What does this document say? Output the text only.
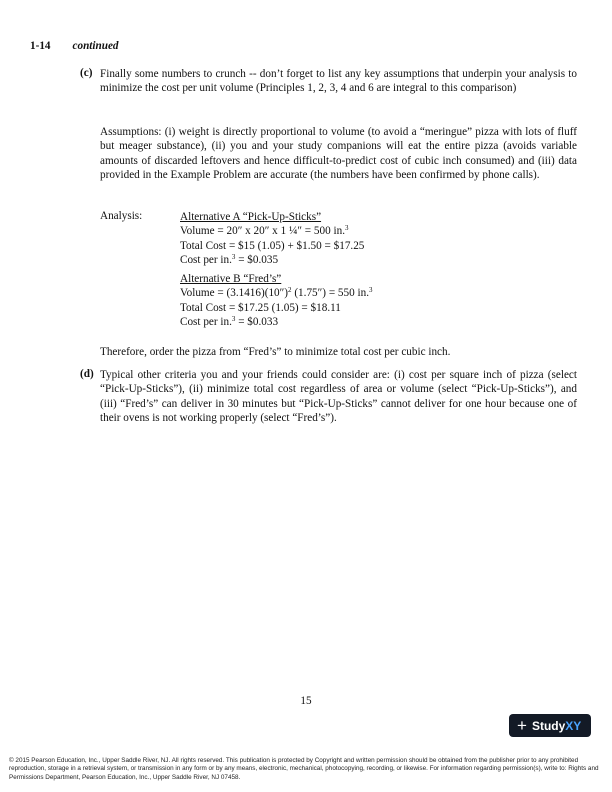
1-14 continued
(c) Finally some numbers to crunch -- don’t forget to list any key assumptions that underpin your analysis to minimize the cost per unit volume (Principles 1, 2, 3, 4 and 6 are integral to this comparison)
Assumptions: (i) weight is directly proportional to volume (to avoid a “meringue” pizza with lots of fluff but meager substance), (ii) you and your study companions will eat the entire pizza (avoids variable amounts of discarded leftovers and hence difficult-to-predict cost of cubic inch consumed) and (iii) data provided in the Example Problem are accurate (the numbers have been confirmed by phone calls).
Analysis:	Alternative A “Pick-Up-Sticks”
Volume = 20″ x 20″ x 1 ¼″ = 500 in.$^3$
Total Cost = $15 (1.05) + $1.50 = $17.25
Cost per in.$^3$ = $0.035
Alternative B “Fred’s”
Volume = $(3.1416)(10'')^2$ (1.75″) = 550 in.$^3$
Total Cost = $17.25 (1.05) = $18.11
Cost per in.$^3$ = $0.033
Therefore, order the pizza from “Fred’s” to minimize total cost per cubic inch.
(d) Typical other criteria you and your friends could consider are: (i) cost per square inch of pizza (select “Pick-Up-Sticks”), (ii) minimize total cost regardless of area or volume (select “Pick-Up-Sticks”), and (iii) “Fred’s” can deliver in 30 minutes but “Pick-Up-Sticks” cannot deliver for one hour because one of their ovens is not working properly (select “Fred’s”).
15
+ Study XY
© 2015 Pearson Education, Inc., Upper Saddle River, NJ. All rights reserved. This publication is protected by Copyright and written permission should be obtained from the publisher prior to any prohibited reproduction, storage in a retrieval system, or transmission in any form or by any means, electronic, mechanical, photocopying, recording, or likewise. For information regarding permission(s), write to: Rights and Permissions Department, Pearson Education, Inc., Upper Saddle River, NJ 07458.
